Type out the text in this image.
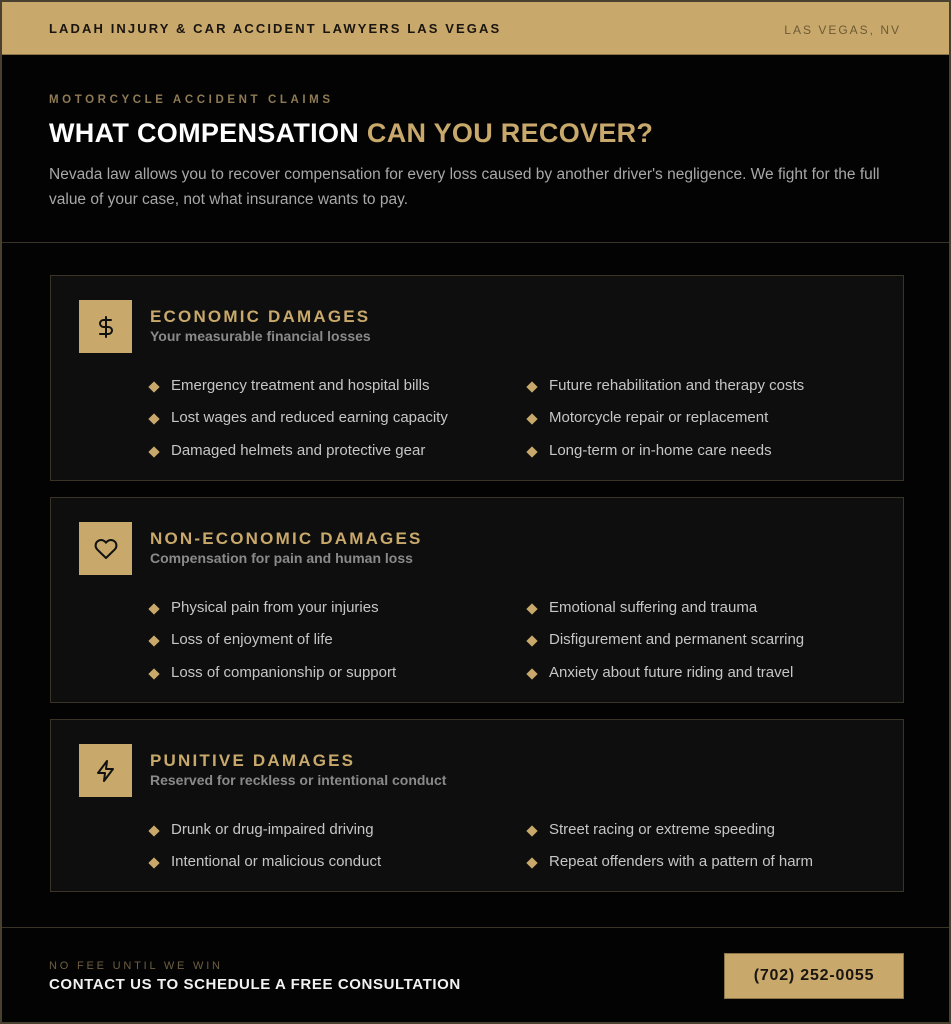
LADAH INJURY & CAR ACCIDENT LAWYERS LAS VEGAS	LAS VEGAS, NV
MOTORCYCLE ACCIDENT CLAIMS
WHAT COMPENSATION CAN YOU RECOVER?

Nevada law allows you to recover compensation for every loss caused by another driver's negligence. We fight for the full value of your case, not what insurance wants to pay.

ECONOMIC DAMAGES
Your measurable financial losses
Emergency treatment and hospital bills	Future rehabilitation and therapy costs
Lost wages and reduced earning capacity	Motorcycle repair or replacement
Damaged helmets and protective gear	Long-term or in-home care needs
NON-ECONOMIC DAMAGES
Compensation for pain and human loss
Physical pain from your injuries	Emotional suffering and trauma
Loss of enjoyment of life	Disfigurement and permanent scarring
Loss of companionship or support	Anxiety about future riding and travel
PUNITIVE DAMAGES
Reserved for reckless or intentional conduct
Drunk or drug-impaired driving	Street racing or extreme speeding
Intentional or malicious conduct	Repeat offenders with a pattern of harm
NO FEE UNTIL WE WIN
CONTACT US TO SCHEDULE A FREE CONSULTATION
(702) 252-0055
